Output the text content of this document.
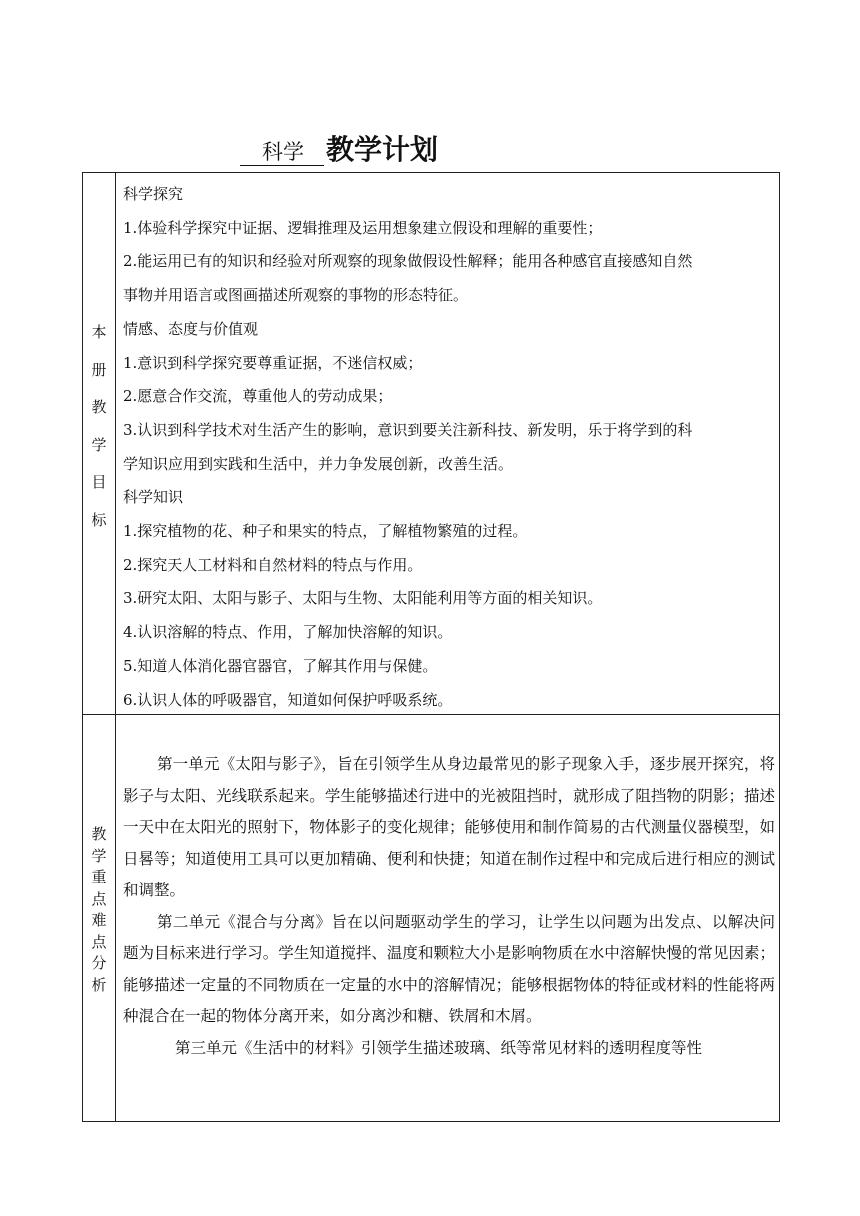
科学 教学计划
本
册
教
学
目
标

科学探究

1.体验科学探究中证据、逻辑推理及运用想象建立假设和理解的重要性；

2.能运用已有的知识和经验对所观察的现象做假设性解释；能用各种感官直接感知自然

事物并用语言或图画描述所观察的事物的形态特征。

情感、态度与价值观

1.意识到科学探究要尊重证据，不迷信权威；

2.愿意合作交流，尊重他人的劳动成果；

3.认识到科学技术对生活产生的影响，意识到要关注新科技、新发明，乐于将学到的科

学知识应用到实践和生活中，并力争发展创新，改善生活。

科学知识

1.探究植物的花、种子和果实的特点，了解植物繁殖的过程。

2.探究天人工材料和自然材料的特点与作用。

3.研究太阳、太阳与影子、太阳与生物、太阳能利用等方面的相关知识。

4.认识溶解的特点、作用，了解加快溶解的知识。

5.知道人体消化器官器官，了解其作用与保健。

6.认识人体的呼吸器官，知道如何保护呼吸系统。

教
学
重
点
难
点
分
析

第一单元《太阳与影子》，旨在引领学生从身边最常见的影子现象入手，逐步展开探究，将影子与太阳、光线联系起来。学生能够描述行进中的光被阻挡时，就形成了阻挡物的阴影；描述一天中在太阳光的照射下，物体影子的变化规律；能够使用和制作简易的古代测量仪器模型，如日晷等；知道使用工具可以更加精确、便利和快捷；知道在制作过程中和完成后进行相应的测试和调整。

第二单元《混合与分离》旨在以问题驱动学生的学习，让学生以问题为出发点、以解决问题为目标来进行学习。学生知道搅拌、温度和颗粒大小是影响物质在水中溶解快慢的常见因素；能够描述一定量的不同物质在一定量的水中的溶解情况；能够根据物体的特征或材料的性能将两种混合在一起的物体分离开来，如分离沙和糖、铁屑和木屑。

第三单元《生活中的材料》引领学生描述玻璃、纸等常见材料的透明程度等性
